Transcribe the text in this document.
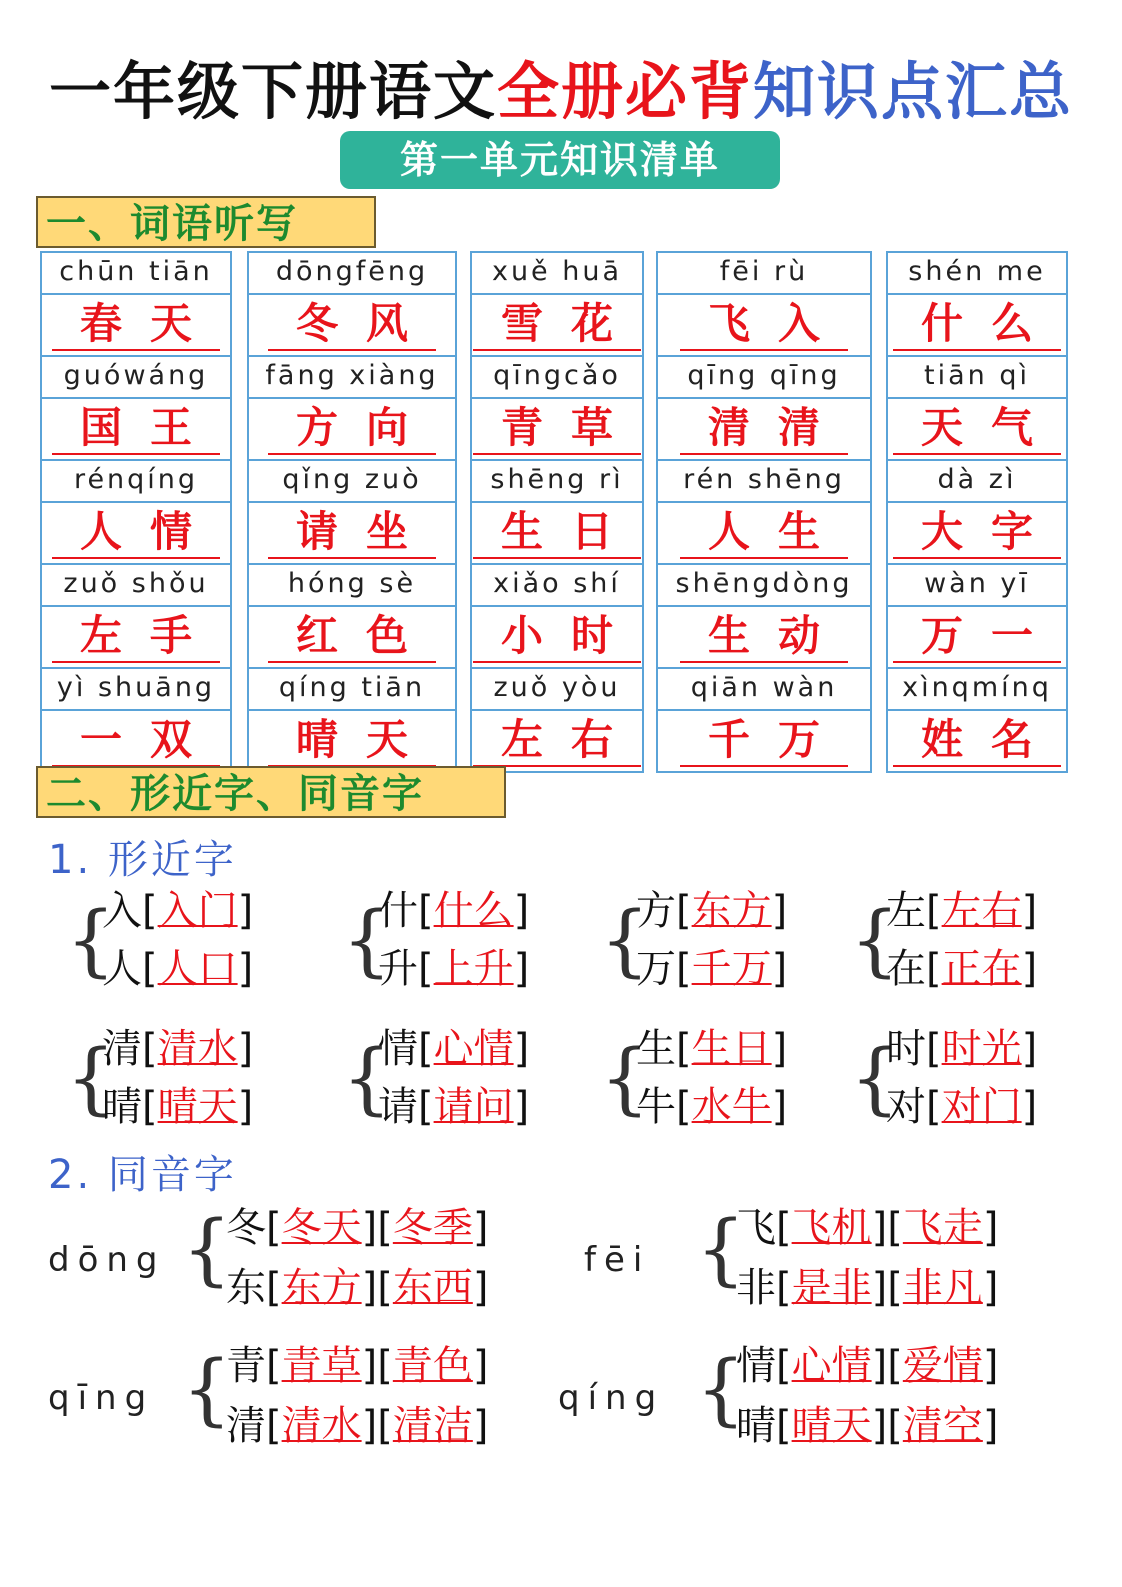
一年级下册语文全册必背知识点汇总
第一单元知识清单
一、词语听写
chūn tiān
春天
guówáng
国王
rénqíng
人情
zuǒ shǒu
左手
yì shuāng
一双
dōngfēng
冬风
fāng xiàng
方向
qǐng zuò
请坐
hóng sè
红色
qíng tiān
晴天
xuě huā
雪花
qīngcǎo
青草
shēng rì
生日
xiǎo shí
小时
zuǒ yòu
左右
fēi rù
飞入
qīng qīng
清清
rén shēng
人生
shēngdòng
生动
qiān wàn
千万
shén me
什么
tiān qì
天气
dà zì
大字
wàn yī
万一
xìnqmínq
姓名
二、形近字、同音字
1. 形近字
{
入[入门]
人[人口] {
什[什么]
升[上升] {
方[东方]
万[千万] {
左[左右]
在[正在]
{
清[清水]
晴[晴天] {
情[心情]
请[请问] {
生[生日]
牛[水牛] {
时[时光]
对[对门]
2. 同音字
dōng {
冬[冬天][冬季]
东[东方][东西]
fēi {
飞[飞机][飞走]
非[是非][非凡]
qīng {
青[青草][青色]
清[清水][清洁]
qíng {
情[心情][爱情]
晴[晴天][清空]
